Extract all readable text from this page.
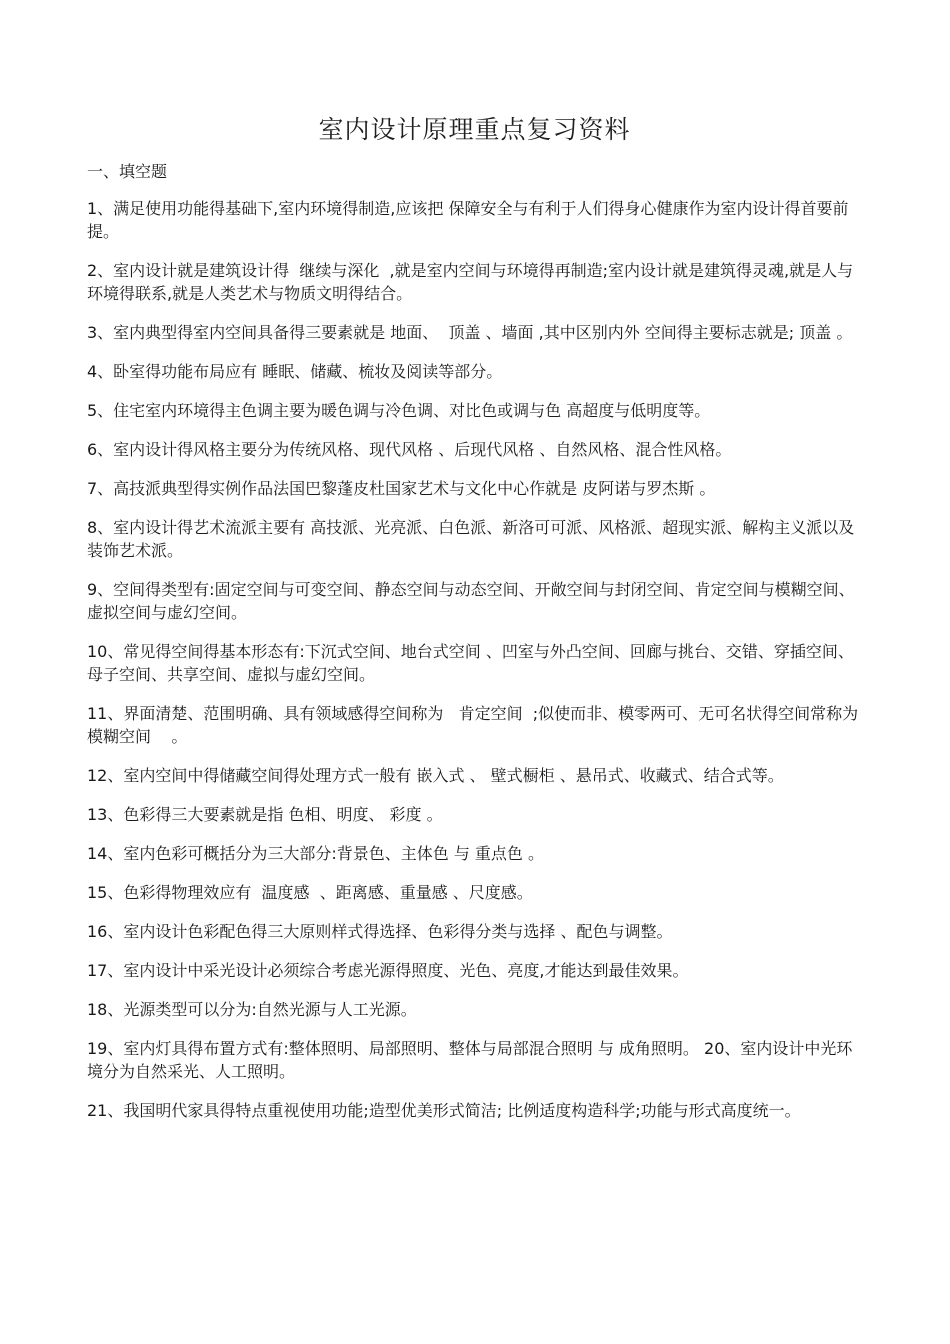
室内设计原理重点复习资料
一、填空题

1、满足使用功能得基础下,室内环境得制造,应该把 保障安全与有利于人们得身心健康作为室内设计得首要前提。

2、室内设计就是建筑设计得  继续与深化  ,就是室内空间与环境得再制造;室内设计就是建筑得灵魂,就是人与环境得联系,就是人类艺术与物质文明得结合。

3、室内典型得室内空间具备得三要素就是 地面、  顶盖 、墙面 ,其中区别内外 空间得主要标志就是; 顶盖 。

4、卧室得功能布局应有 睡眠、储藏、梳妆及阅读等部分。

5、住宅室内环境得主色调主要为暖色调与冷色调、对比色或调与色 高超度与低明度等。

6、室内设计得风格主要分为传统风格、现代风格 、后现代风格 、自然风格、混合性风格。

7、高技派典型得实例作品法国巴黎蓬皮杜国家艺术与文化中心作就是 皮阿诺与罗杰斯 。

8、室内设计得艺术流派主要有 高技派、光亮派、白色派、新洛可可派、风格派、超现实派、解构主义派以及装饰艺术派。

9、空间得类型有:固定空间与可变空间、静态空间与动态空间、开敞空间与封闭空间、肯定空间与模糊空间、虚拟空间与虚幻空间。

10、常见得空间得基本形态有:下沉式空间、地台式空间 、凹室与外凸空间、回廊与挑台、交错、穿插空间、母子空间、共享空间、虚拟与虚幻空间。

11、界面清楚、范围明确、具有领域感得空间称为   肯定空间  ;似使而非、模零两可、无可名状得空间常称为  模糊空间    。

12、室内空间中得储藏空间得处理方式一般有 嵌入式 、 壁式橱柜 、悬吊式、收藏式、结合式等。

13、色彩得三大要素就是指 色相、明度、 彩度 。

14、室内色彩可概括分为三大部分:背景色、主体色 与 重点色 。

15、色彩得物理效应有  温度感  、距离感、重量感 、尺度感。

16、室内设计色彩配色得三大原则样式得选择、色彩得分类与选择 、配色与调整。

17、室内设计中采光设计必须综合考虑光源得照度、光色、亮度,才能达到最佳效果。

18、光源类型可以分为:自然光源与人工光源。

19、室内灯具得布置方式有:整体照明、局部照明、整体与局部混合照明 与 成角照明。 20、室内设计中光环境分为自然采光、人工照明。

21、我国明代家具得特点重视使用功能;造型优美形式简洁; 比例适度构造科学;功能与形式高度统一。
